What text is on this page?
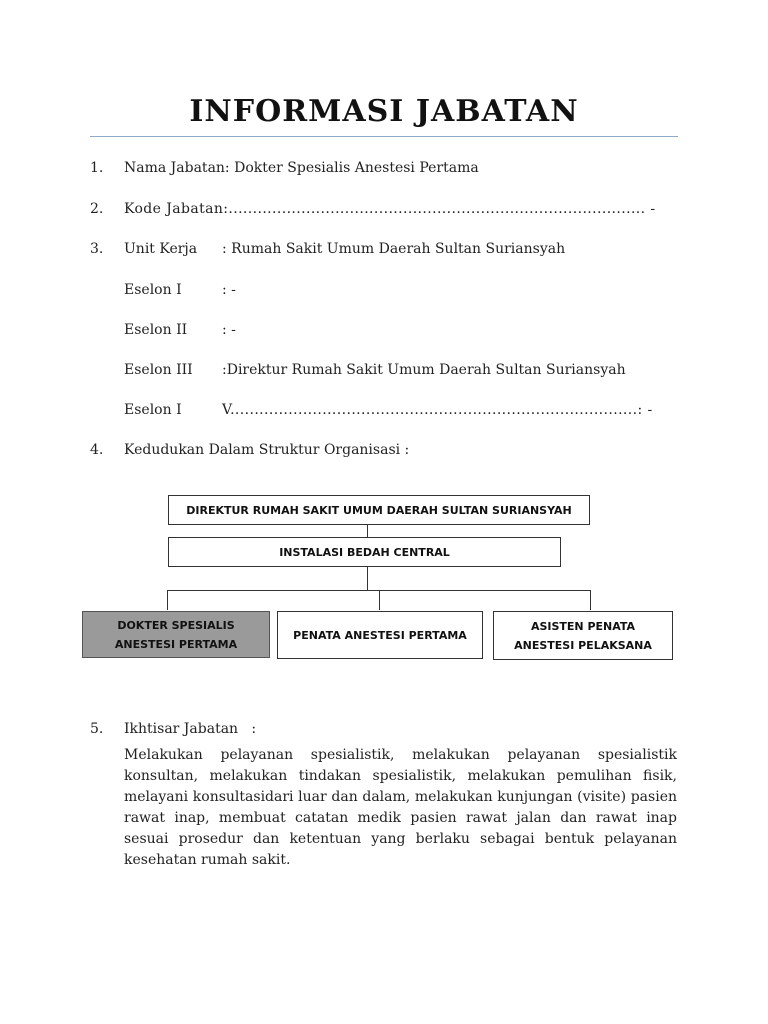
INFORMASI JABATAN
1. Nama Jabatan: Dokter Spesialis Anestesi Pertama
2. Kode Jabatan:...................................................................................... -
3. Unit Kerja : Rumah Sakit Umum Daerah Sultan Suriansyah
Eselon I	: -
Eselon II : -
Eselon III :Direktur Rumah Sakit Umum Daerah Sultan Suriansyah
Eselon I	V....................................................................................: -
4. Kedudukan Dalam Struktur Organisasi :
DIREKTUR RUMAH SAKIT UMUM DAERAH SULTAN SURIANSYAH
INSTALASI BEDAH CENTRAL
DOKTER SPESIALIS ANESTESI PERTAMA
PENATA ANESTESI PERTAMA
ASISTEN PENATA ANESTESI PELAKSANA
5. Ikhtisar Jabatan   :
Melakukan pelayanan spesialistik, melakukan pelayanan spesialistik konsultan, melakukan tindakan spesialistik, melakukan pemulihan fisik, melayani konsultasidari luar dan dalam, melakukan kunjungan (visite) pasien rawat inap, membuat catatan medik pasien rawat jalan dan rawat inap sesuai prosedur dan ketentuan yang berlaku sebagai bentuk pelayanan kesehatan rumah sakit.
